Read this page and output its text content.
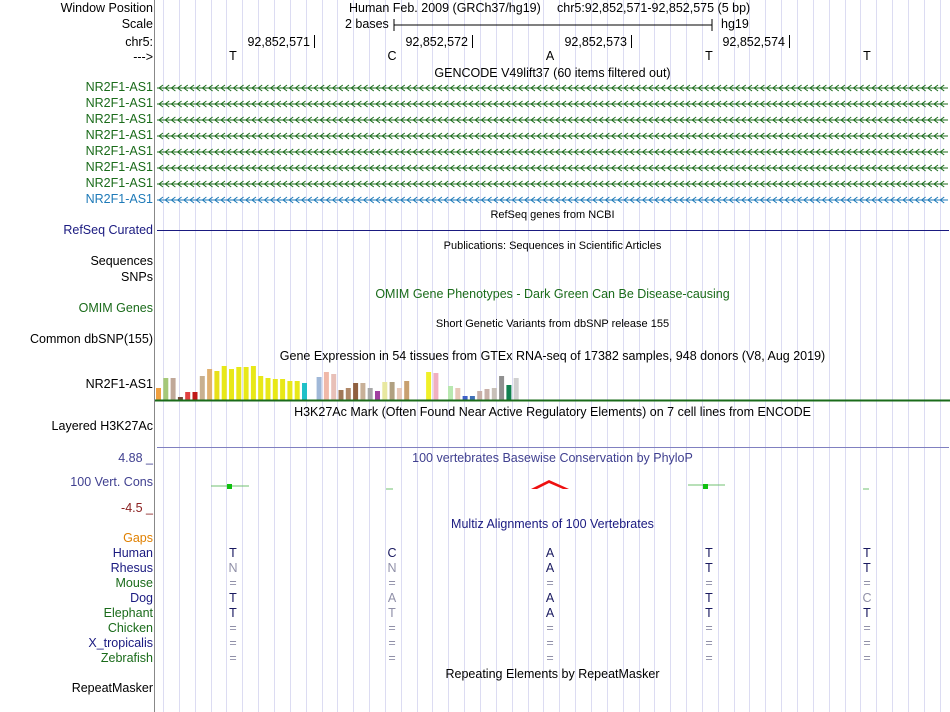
Window Position	Human Feb. 2009 (GRCh37/hg19) chr5:92,852,571-92,852,575 (5 bp)
Scale	2 bases	hg19
chr5:	92,852,571	92,852,572	92,852,573	92,852,574
--->	T	C	A	T	T
GENCODE V49lift37 (60 items filtered out)
NR2F1-AS1
NR2F1-AS1
NR2F1-AS1
NR2F1-AS1
NR2F1-AS1
NR2F1-AS1
NR2F1-AS1
NR2F1-AS1
RefSeq genes from NCBI
RefSeq Curated
Publications: Sequences in Scientific Articles
Sequences
SNPs
OMIM Gene Phenotypes - Dark Green Can Be Disease-causing
OMIM Genes
Short Genetic Variants from dbSNP release 155
Common dbSNP(155)
Gene Expression in 54 tissues from GTEx RNA-seq of 17382 samples, 948 donors (V8, Aug 2019)
NR2F1-AS1
H3K27Ac Mark (Often Found Near Active Regulatory Elements) on 7 cell lines from ENCODE
Layered H3K27Ac
100 vertebrates Basewise Conservation by PhyloP
4.88 _
100 Vert. Cons
-4.5 _
Multiz Alignments of 100 Vertebrates
Gaps
Human	T	C	A	T	T
Rhesus	N	N	A	T	T
Mouse	=	=	=	=	=
Dog	T	A	A	T	C
Elephant	T	T	A	T	T
Chicken	=	=	=	=	=
X_tropicalis	=	=	=	=	=
Zebrafish	=	=	=	=	=
Repeating Elements by RepeatMasker
RepeatMasker
